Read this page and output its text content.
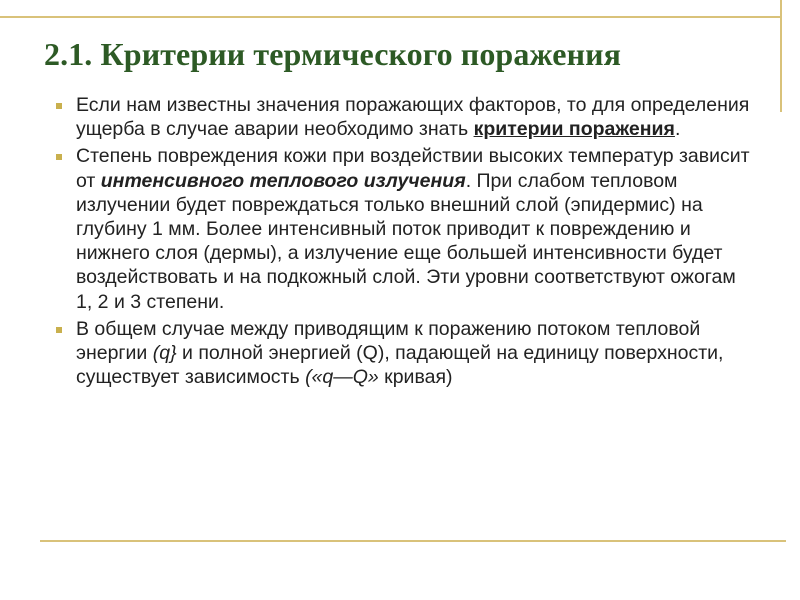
2.1. Критерии термического поражения
Если нам известны значения поражающих факторов, то для определения ущерба в случае аварии необходимо знать критерии поражения.
Степень повреждения кожи при воздействии высоких температур зависит от интенсивного теплового излучения. При слабом тепловом излучении будет повреждаться только внешний слой (эпидермис) на глубину 1 мм. Более интенсивный поток приводит к повреждению и нижнего слоя (дермы), а излучение еще большей интенсивности будет воздействовать и на подкожный слой. Эти уровни соответствуют ожогам 1, 2 и 3 степени.
В общем случае между приводящим к поражению потоком тепловой энергии (q} и полной энергией (Q), падающей на единицу поверхности, существует зависимость («q—Q» кривая)
